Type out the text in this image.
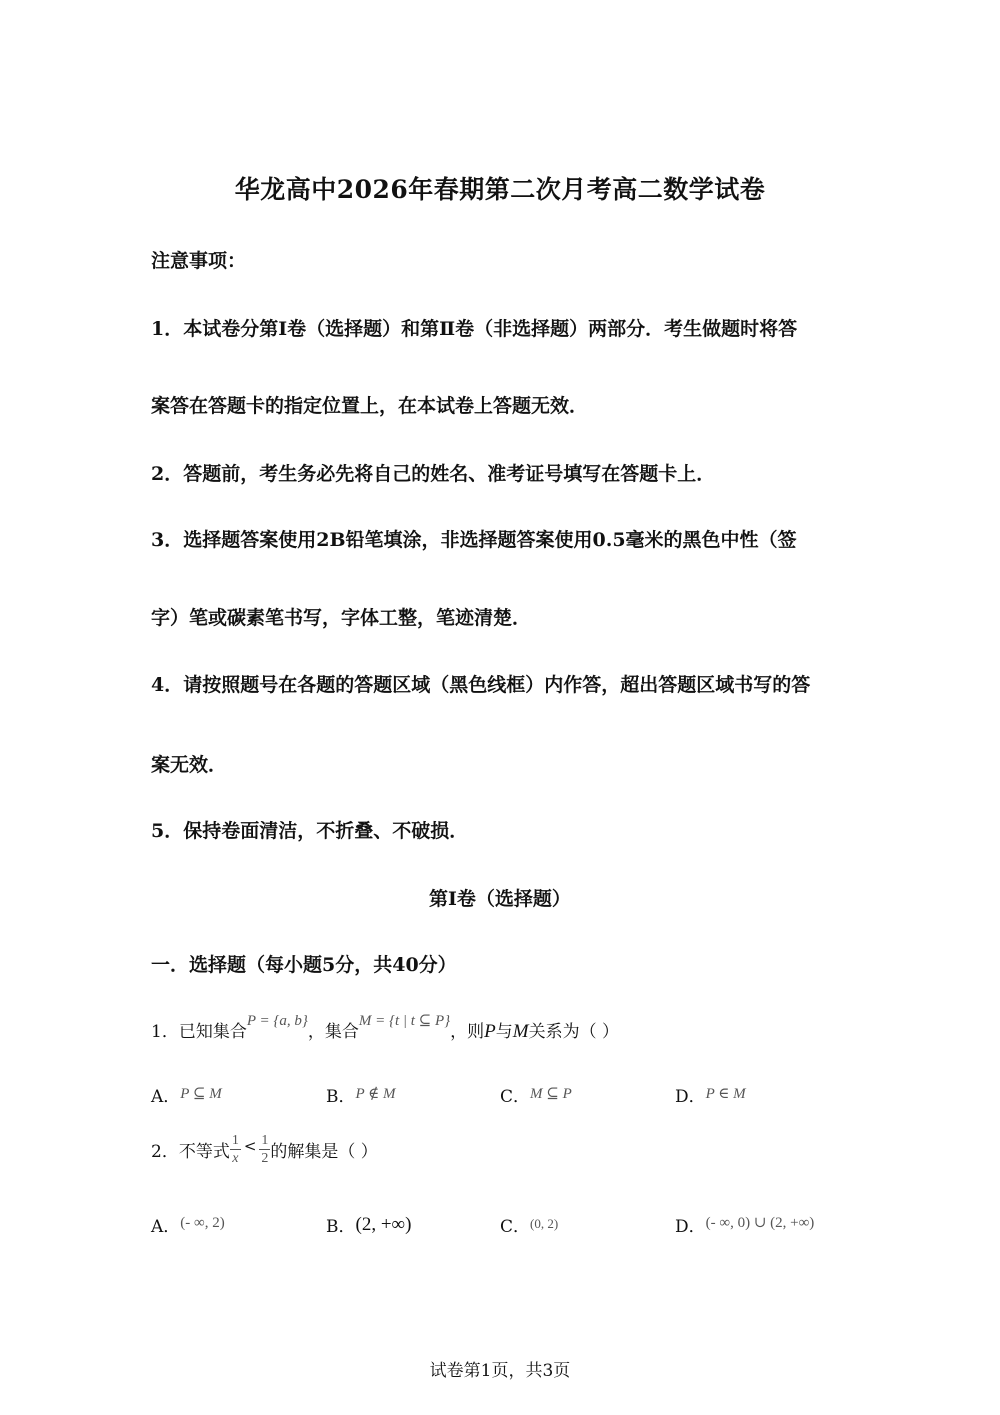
华龙高中2026年春期第二次月考高二数学试卷
注意事项：
1．本试卷分第Ⅰ卷（选择题）和第Ⅱ卷（非选择题）两部分．考生做题时将答
案答在答题卡的指定位置上，在本试卷上答题无效．
2．答题前，考生务必先将自己的姓名、准考证号填写在答题卡上．
3．选择题答案使用2B铅笔填涂，非选择题答案使用0.5毫米的黑色中性（签
字）笔或碳素笔书写，字体工整，笔迹清楚．
4．请按照题号在各题的答题区域（黑色线框）内作答，超出答题区域书写的答
案无效．
5．保持卷面清洁，不折叠、不破损．
第Ⅰ卷（选择题）
一．选择题（每小题5分，共40分）
1．已知集合P = {a, b}，集合M = {t | t ⊆ P}，则P与M关系为（ ）
A．P ⊆ M	B．P ∉ M	C．M ⊆ P	D．P ∈ M
2．不等式 $\frac{1}{x} < \frac{1}{2}$ 的解集是（ ）
A．(- ∞, 2)	B．(2, +∞)	C．$^{(0, 2)}$	D．(- ∞, 0) ∪ (2, +∞)
试卷第1页，共3页
